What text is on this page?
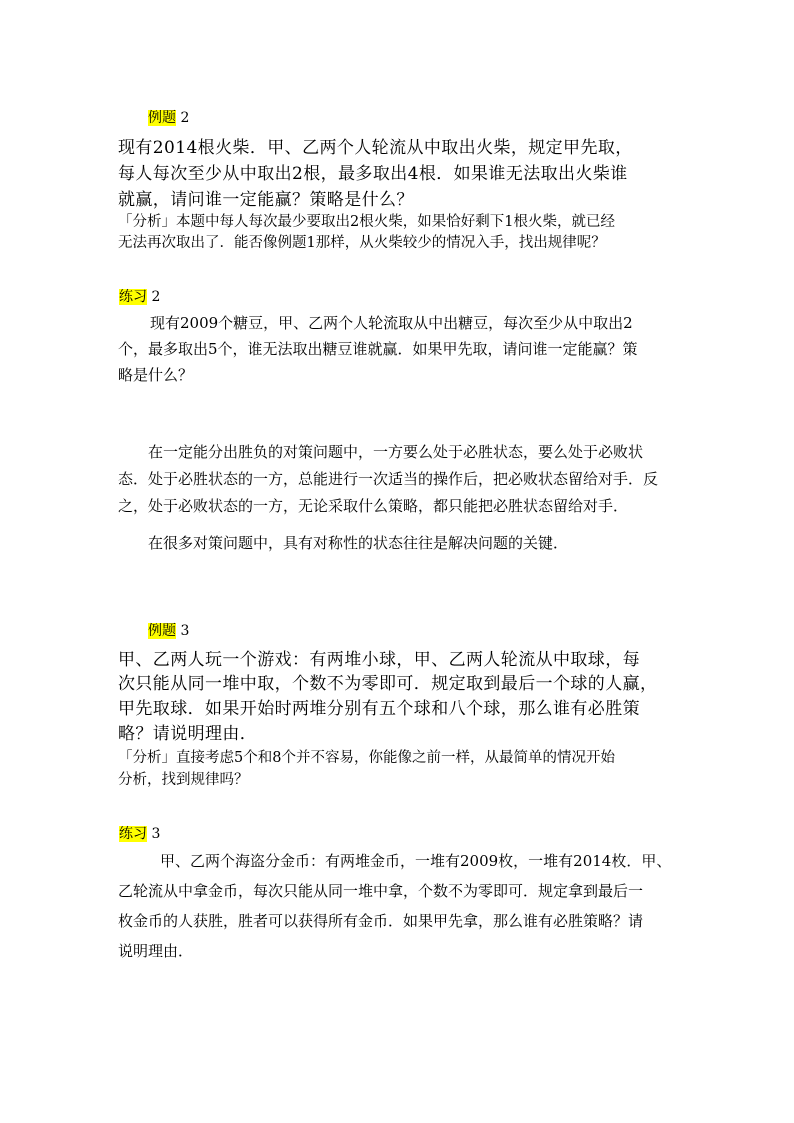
例题 2
现有2014根火柴．甲、乙两个人轮流从中取出火柴，规定甲先取，
每人每次至少从中取出2根，最多取出4根．如果谁无法取出火柴谁
就赢，请问谁一定能赢？策略是什么？
「分析」本题中每人每次最少要取出2根火柴，如果恰好剩下1根火柴，就已经
无法再次取出了．能否像例题1那样，从火柴较少的情况入手，找出规律呢？
练习 2
现有2009个糖豆，甲、乙两个人轮流取从中出糖豆，每次至少从中取出2
个，最多取出5个，谁无法取出糖豆谁就赢．如果甲先取，请问谁一定能赢？策
略是什么？
在一定能分出胜负的对策问题中，一方要么处于必胜状态，要么处于必败状
态．处于必胜状态的一方，总能进行一次适当的操作后，把必败状态留给对手．反
之，处于必败状态的一方，无论采取什么策略，都只能把必胜状态留给对手．
在很多对策问题中，具有对称性的状态往往是解决问题的关键．
例题 3
甲、乙两人玩一个游戏：有两堆小球，甲、乙两人轮流从中取球，每
次只能从同一堆中取，个数不为零即可．规定取到最后一个球的人赢，
甲先取球．如果开始时两堆分别有五个球和八个球，那么谁有必胜策
略？请说明理由．
「分析」直接考虑5个和8个并不容易，你能像之前一样，从最简单的情况开始
分析，找到规律吗？
练习 3
甲、乙两个海盗分金币：有两堆金币，一堆有2009枚，一堆有2014枚．甲、
乙轮流从中拿金币，每次只能从同一堆中拿，个数不为零即可．规定拿到最后一
枚金币的人获胜，胜者可以获得所有金币．如果甲先拿，那么谁有必胜策略？请
说明理由．
